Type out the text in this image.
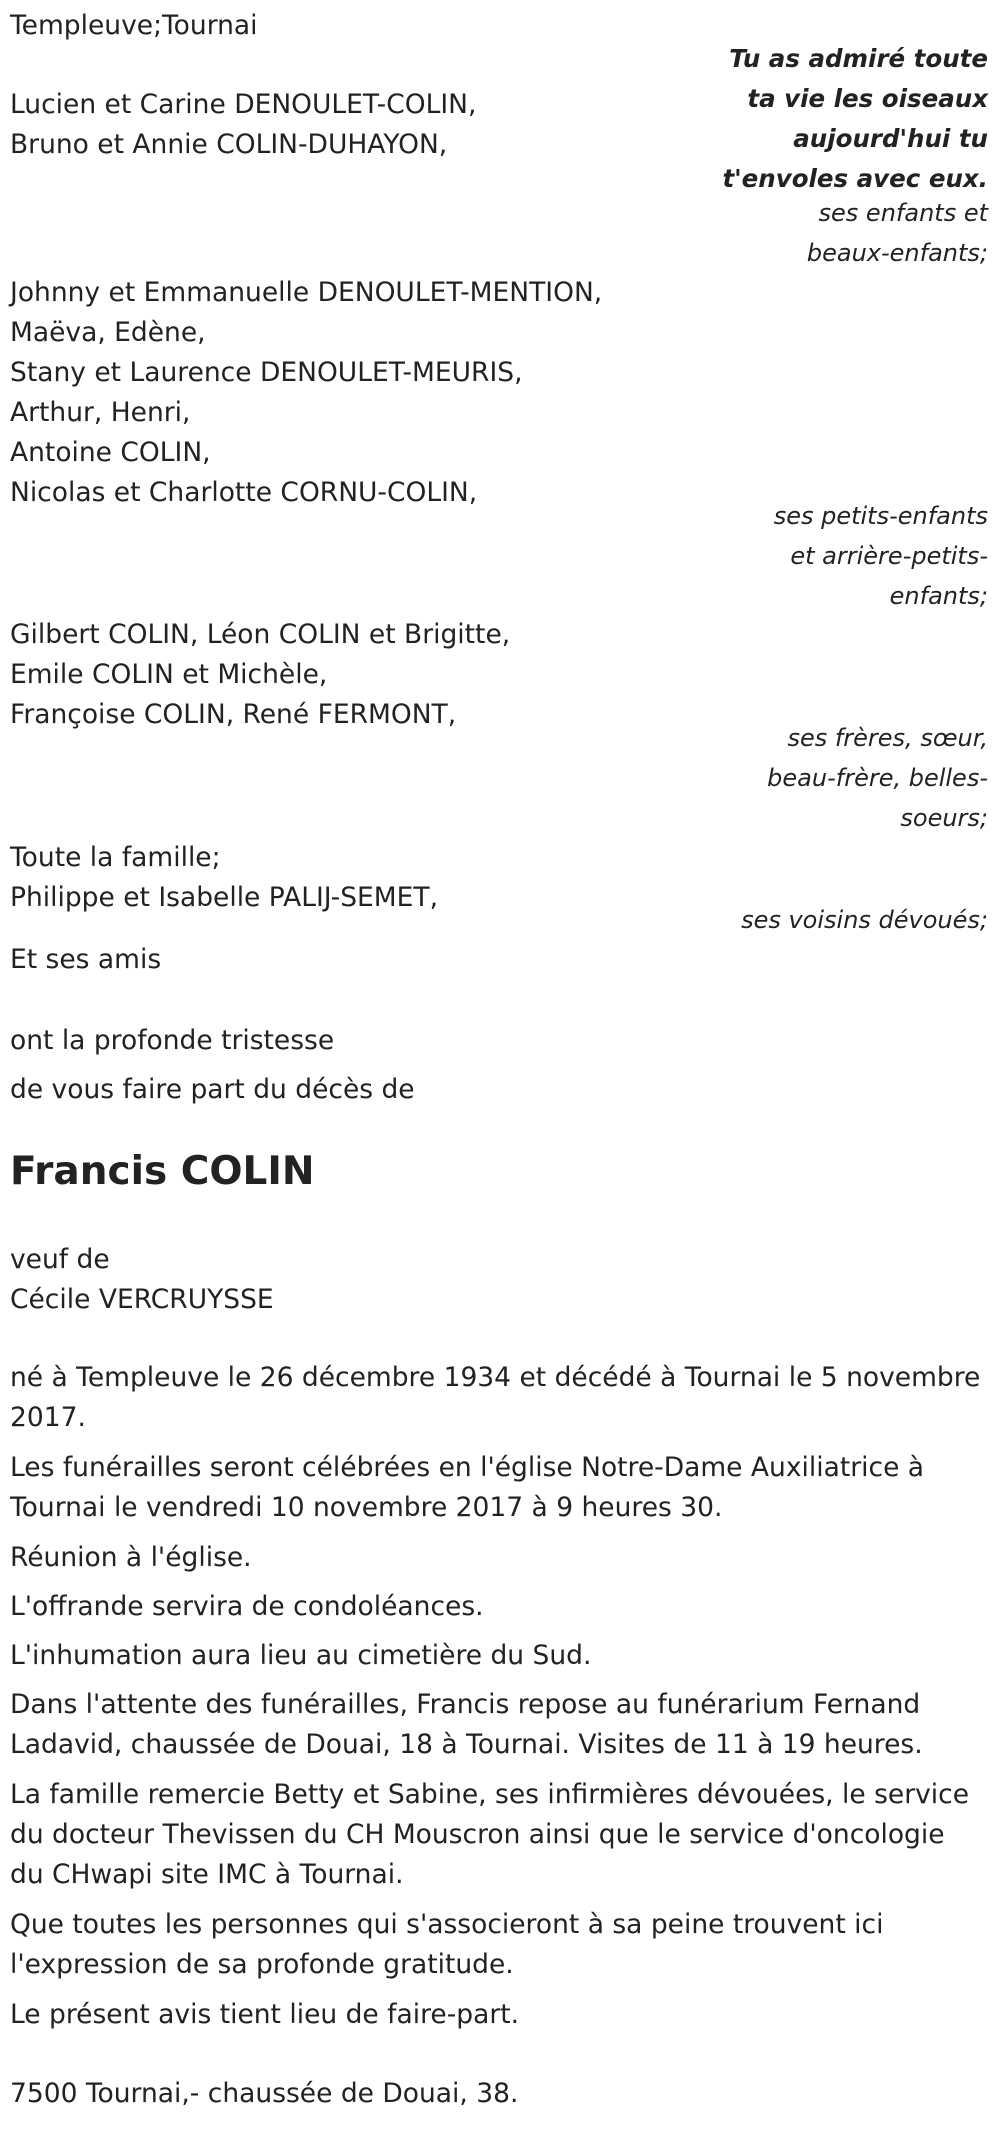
Templeuve;Tournai
Tu as admiré toute
ta vie les oiseaux
aujourd'hui tu
t'envoles avec eux.
Lucien et Carine DENOULET-COLIN,
Bruno et Annie COLIN-DUHAYON,
ses enfants et
beaux-enfants;
Johnny et Emmanuelle DENOULET-MENTION,
Maëva, Edène,
Stany et Laurence DENOULET-MEURIS,
Arthur, Henri,
Antoine COLIN,
Nicolas et Charlotte CORNU-COLIN,
ses petits-enfants
et arrière-petits-
enfants;
Gilbert COLIN, Léon COLIN et Brigitte,
Emile COLIN et Michèle,
Françoise COLIN, René FERMONT,
ses frères, sœur,
beau-frère, belles-
soeurs;
Toute la famille;
Philippe et Isabelle PALIJ-SEMET,
ses voisins dévoués;
Et ses amis
ont la profonde tristesse
de vous faire part du décès de
Francis COLIN
veuf de
Cécile VERCRUYSSE
né à Templeuve le 26 décembre 1934 et décédé à Tournai le 5 novembre 2017.
Les funérailles seront célébrées en l'église Notre-Dame Auxiliatrice à Tournai le vendredi 10 novembre 2017 à 9 heures 30.
Réunion à l'église.
L'offrande servira de condoléances.
L'inhumation aura lieu au cimetière du Sud.
Dans l'attente des funérailles, Francis repose au funérarium Fernand Ladavid, chaussée de Douai, 18 à Tournai. Visites de 11 à 19 heures.
La famille remercie Betty et Sabine, ses infirmières dévouées, le service du docteur Thevissen du CH Mouscron ainsi que le service d'oncologie du CHwapi site IMC à Tournai.
Que toutes les personnes qui s'associeront à sa peine trouvent ici l'expression de sa profonde gratitude.
Le présent avis tient lieu de faire-part.
7500 Tournai,- chaussée de Douai, 38.
